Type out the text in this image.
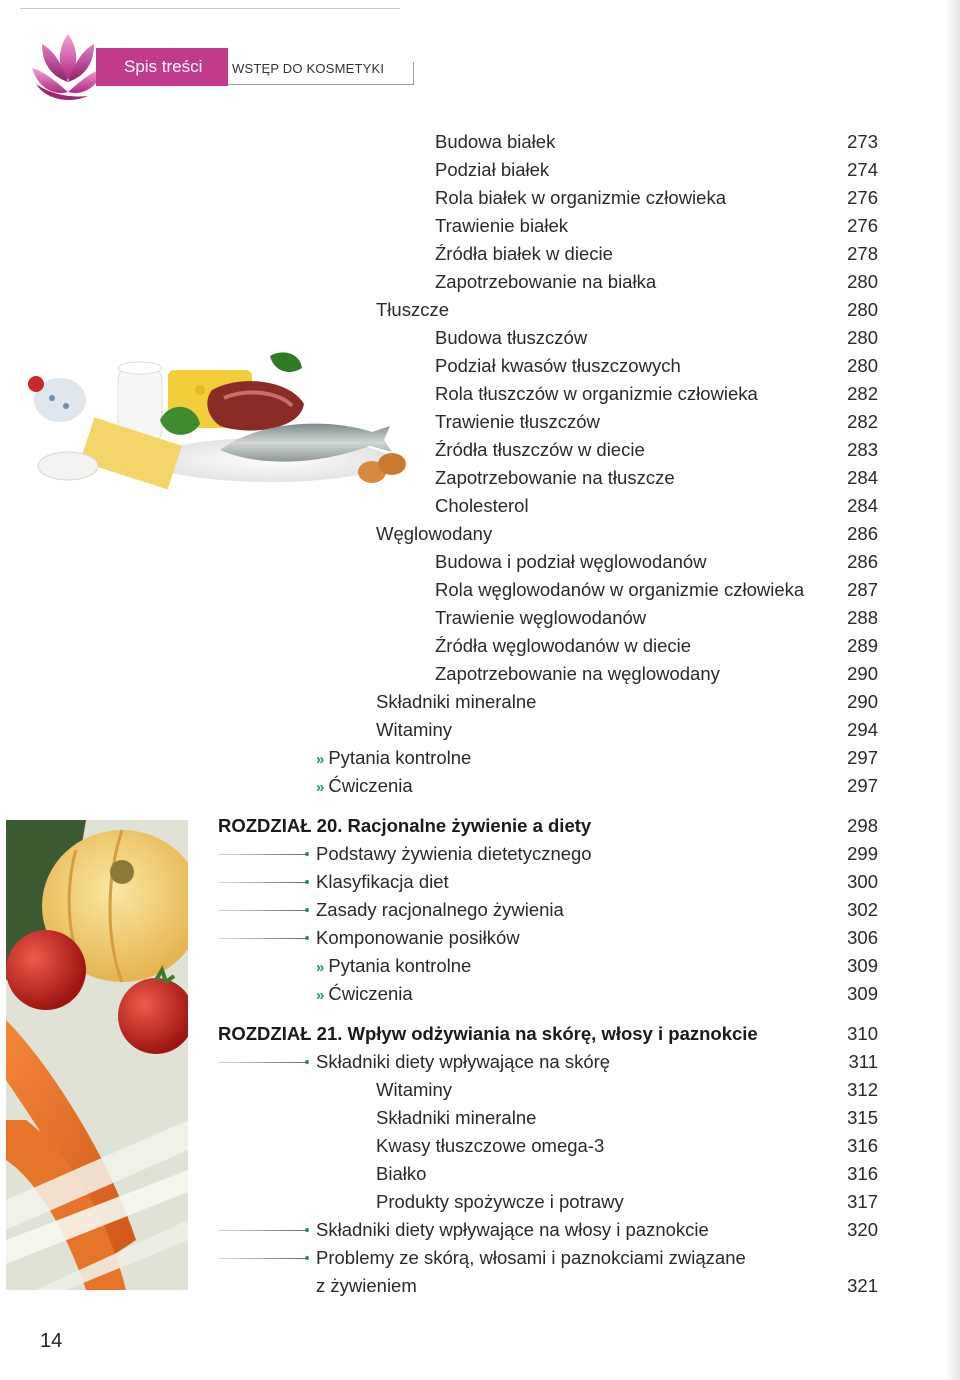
Spis treści	WSTĘP DO KOSMETYKI
Budowa białek	273
Podział białek	274
Rola białek w organizmie człowieka	276
Trawienie białek	276
Źródła białek w diecie	278
Zapotrzebowanie na białka	280
Tłuszcze	280
Budowa tłuszczów	280
Podział kwasów tłuszczowych	280
Rola tłuszczów w organizmie człowieka	282
Trawienie tłuszczów	282
Źródła tłuszczów w diecie	283
Zapotrzebowanie na tłuszcze	284
Cholesterol	284
Węglowodany	286
Budowa i podział węglowodanów	286
Rola węglowodanów w organizmie człowieka 287
Trawienie węglowodanów	288
Źródła węglowodanów w diecie	289
Zapotrzebowanie na węglowodany	290
Składniki mineralne	290
Witaminy	294
» Pytania kontrolne	297
» Ćwiczenia	297
ROZDZIAŁ 20. Racjonalne żywienie a diety	298
Podstawy żywienia dietetycznego	299
Klasyfikacja diet	300
Zasady racjonalnego żywienia	302
Komponowanie posiłków	306
» Pytania kontrolne	309
» Ćwiczenia	309
ROZDZIAŁ 21. Wpływ odżywiania na skórę, włosy i paznokcie	310
Składniki diety wpływające na skórę	311
Witaminy	312
Składniki mineralne	315
Kwasy tłuszczowe omega-3	316
Białko	316
Produkty spożywcze i potrawy	317
Składniki diety wpływające na włosy i paznokcie	320
Problemy ze skórą, włosami i paznokciami związane
z żywieniem	321
14
